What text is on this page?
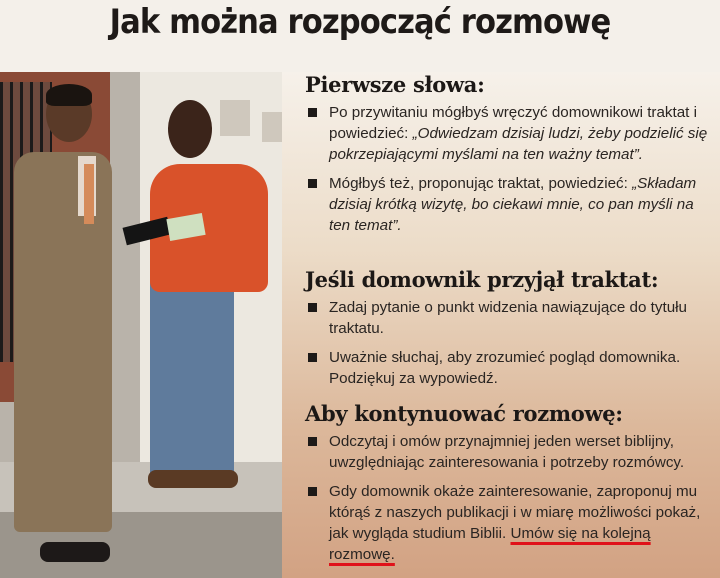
Jak można rozpocząć rozmowę
Pierwsze słowa:
Po przywitaniu mógłbyś wręczyć domownikowi traktat i powiedzieć: „Odwiedzam dzisiaj ludzi, żeby podzielić się pokrzepiającymi myślami na ten ważny temat”.
Mógłbyś też, proponując traktat, powiedzieć: „Składam dzisiaj krótką wizytę, bo ciekawi mnie, co pan myśli na ten temat”.
Jeśli domownik przyjął traktat:
Zadaj pytanie o punkt widzenia nawiązujące do tytułu traktatu.
Uważnie słuchaj, aby zrozumieć pogląd domownika. Podziękuj za wypowiedź.
Aby kontynuować rozmowę:
Odczytaj i omów przynajmniej jeden werset biblijny, uwzględniając zainteresowania i potrzeby rozmówcy.
Gdy domownik okaże zainteresowanie, zaproponuj mu którąś z naszych publikacji i w miarę możliwości pokaż, jak wygląda studium Biblii. Umów się na kolejną rozmowę.
